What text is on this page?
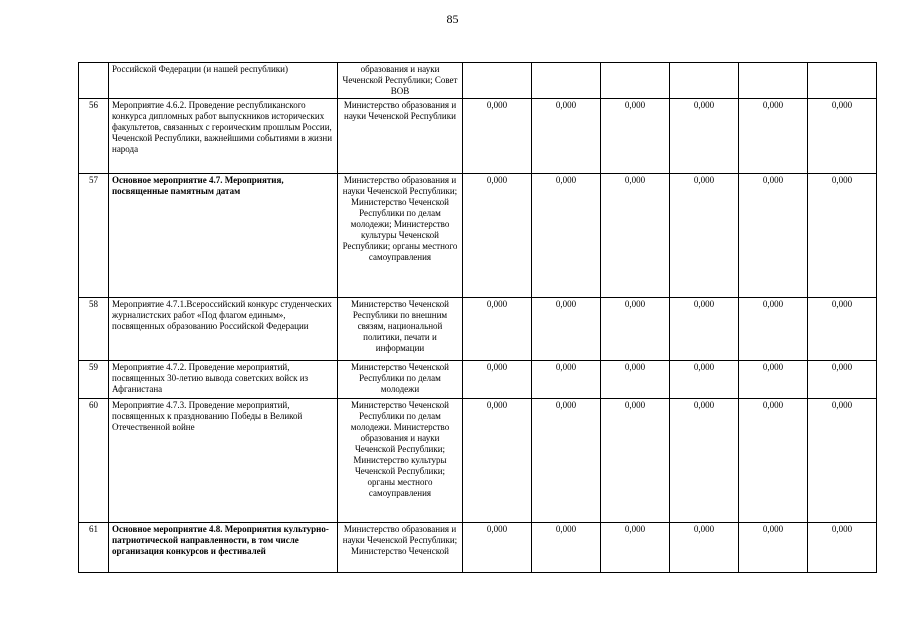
85
	Российской Федерации (и нашей республики)	образования и науки Чеченской Республики; Совет ВОВ						
56	Мероприятие 4.6.2. Проведение республиканского конкурса дипломных работ выпускников исторических факультетов, связанных с героическим прошлым России, Чеченской Республики, важнейшими событиями в жизни народа	Министерство образования и науки Чеченской Республики	0,000	0,000	0,000	0,000	0,000	0,000
57	Основное мероприятие 4.7. Мероприятия, посвященные памятным датам	Министерство образования и науки Чеченской Республики; Министерство Чеченской Республики по делам молодежи; Министерство культуры Чеченской Республики; органы местного самоуправления	0,000	0,000	0,000	0,000	0,000	0,000
58	Мероприятие 4.7.1.Всероссийский конкурс студенческих журналистских работ «Под флагом единым», посвященных образованию Российской Федерации	Министерство Чеченской Республики по внешним связям, национальной политики, печати и информации	0,000	0,000	0,000	0,000	0,000	0,000
59	Мероприятие 4.7.2. Проведение мероприятий, посвященных 30-летию вывода советских войск из Афганистана	Министерство Чеченской Республики по делам молодежи	0,000	0,000	0,000	0,000	0,000	0,000
60	Мероприятие 4.7.3. Проведение мероприятий, посвященных к празднованию Победы в Великой Отечественной войне	Министерство Чеченской Республики по делам молодежи. Министерство образования и науки Чеченской Республики; Министерство культуры Чеченской Республики; органы местного самоуправления	0,000	0,000	0,000	0,000	0,000	0,000
61	Основное мероприятие 4.8. Мероприятия культурно-патриотической направленности, в том числе организация конкурсов и фестивалей	Министерство образования и науки Чеченской Республики; Министерство Чеченской	0,000	0,000	0,000	0,000	0,000	0,000
